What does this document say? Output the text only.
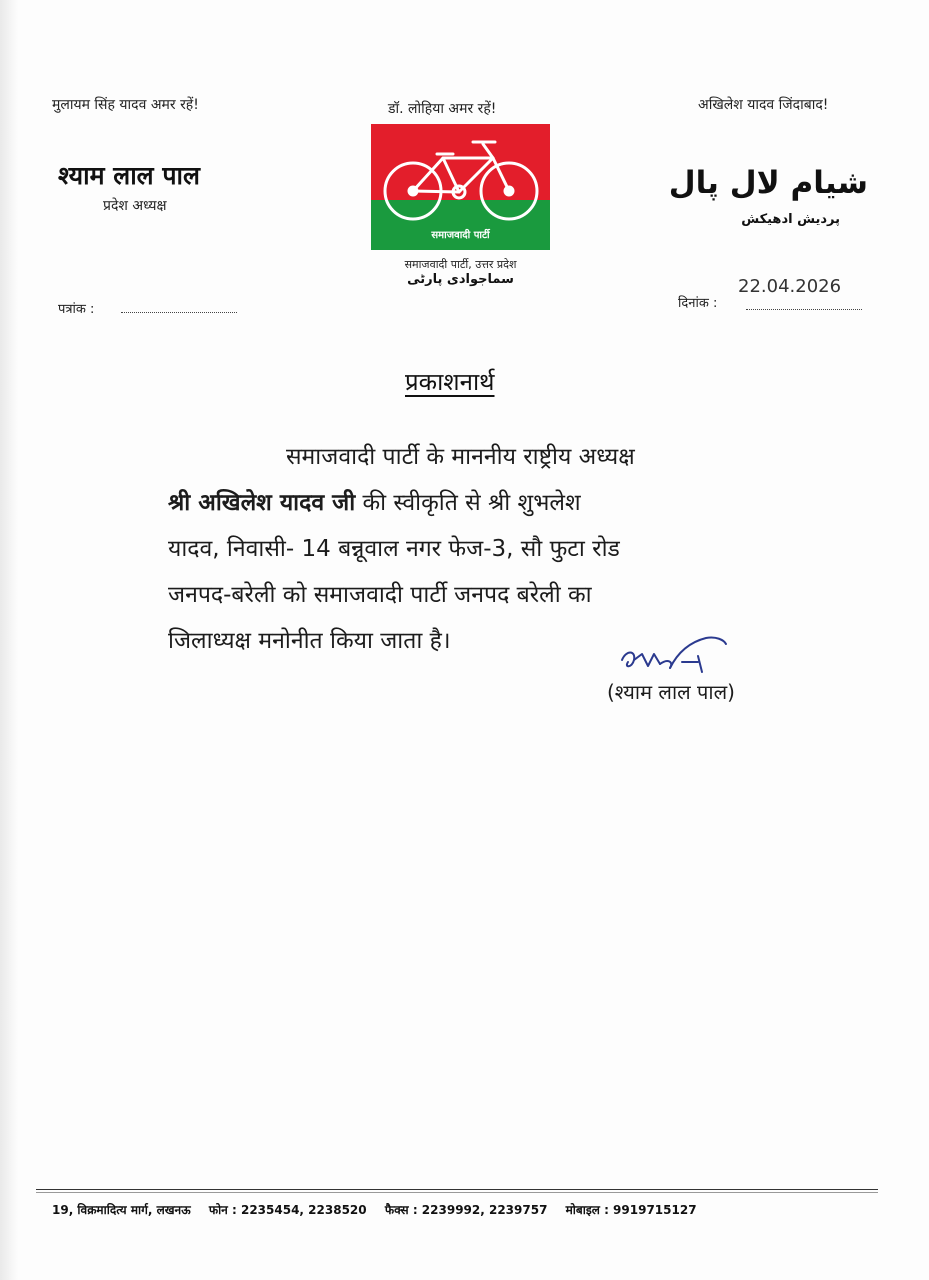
मुलायम सिंह यादव अमर रहें!	डॉ. लोहिया अमर रहें!	अखिलेश यादव जिंदाबाद!
श्याम लाल पाल
प्रदेश अध्यक्ष
شیام لال پال
پردیش ادھیکش
समाजवादी पार्टी
समाजवादी पार्टी, उत्तर प्रदेश
سماجوادی پارٹی
पत्रांक :	दिनांक :
22.04.2026
प्रकाशनार्थ
समाजवादी पार्टी के माननीय राष्ट्रीय अध्यक्ष
श्री अखिलेश यादव जी की स्वीकृति से श्री शुभलेश
यादव, निवासी- 14 बन्नूवाल नगर फेज-3, सौ फुटा रोड
जनपद-बरेली को समाजवादी पार्टी जनपद बरेली का
जिलाध्यक्ष मनोनीत किया जाता है।
(श्याम लाल पाल)
19, विक्रमादित्य मार्ग, लखनऊ फोन : 2235454, 2238520 फैक्स : 2239992, 2239757 मोबाइल : 9919715127
